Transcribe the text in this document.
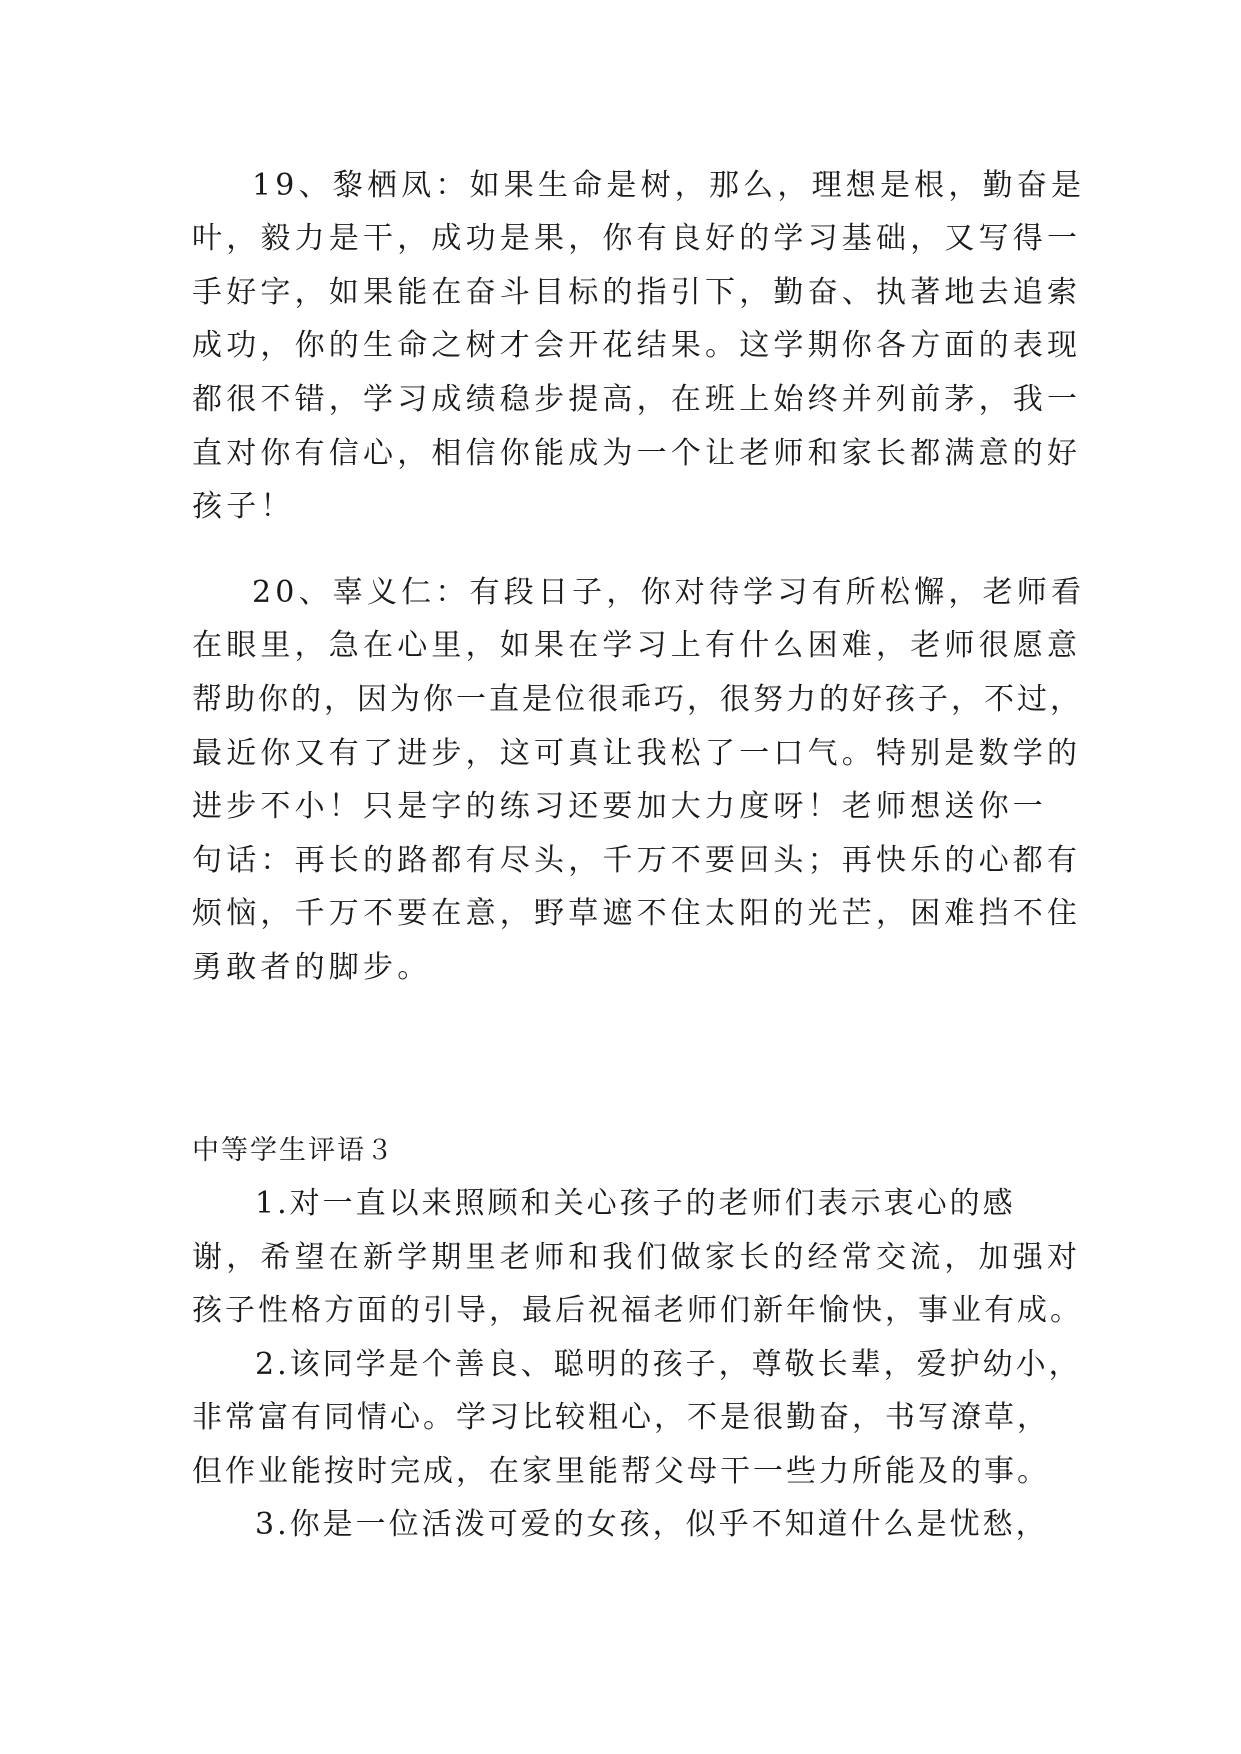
19、黎栖凤：如果生命是树，那么，理想是根，勤奋是
叶，毅力是干，成功是果，你有良好的学习基础，又写得一
手好字，如果能在奋斗目标的指引下，勤奋、执著地去追索
成功，你的生命之树才会开花结果。这学期你各方面的表现
都很不错，学习成绩稳步提高，在班上始终并列前茅，我一
直对你有信心，相信你能成为一个让老师和家长都满意的好
孩子！
20、辜义仁：有段日子，你对待学习有所松懈，老师看
在眼里，急在心里，如果在学习上有什么困难，老师很愿意
帮助你的，因为你一直是位很乖巧，很努力的好孩子，不过，
最近你又有了进步，这可真让我松了一口气。特别是数学的
进步不小！只是字的练习还要加大力度呀！老师想送你一
句话：再长的路都有尽头，千万不要回头；再快乐的心都有
烦恼，千万不要在意，野草遮不住太阳的光芒，困难挡不住
勇敢者的脚步。
中等学生评语３
1.对一直以来照顾和关心孩子的老师们表示衷心的感
谢，希望在新学期里老师和我们做家长的经常交流，加强对
孩子性格方面的引导，最后祝福老师们新年愉快，事业有成。
2.该同学是个善良、聪明的孩子，尊敬长辈，爱护幼小，
非常富有同情心。学习比较粗心，不是很勤奋，书写潦草，
但作业能按时完成，在家里能帮父母干一些力所能及的事。
3.你是一位活泼可爱的女孩，似乎不知道什么是忧愁，
